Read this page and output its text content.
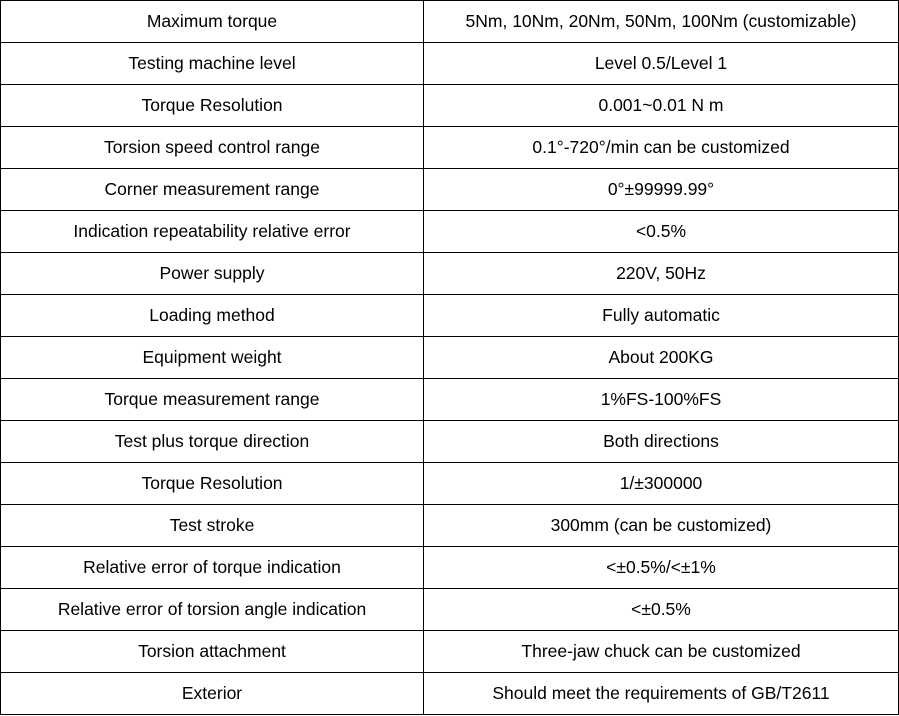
Maximum torque	5Nm, 10Nm, 20Nm, 50Nm, 100Nm (customizable)
Testing machine level	Level 0.5/Level 1
Torque Resolution	0.001~0.01 N m
Torsion speed control range	0.1°-720°/min can be customized
Corner measurement range	0°±99999.99°
Indication repeatability relative error	<0.5%
Power supply	220V, 50Hz
Loading method	Fully automatic
Equipment weight	About 200KG
Torque measurement range	1%FS-100%FS
Test plus torque direction	Both directions
Torque Resolution	1/±300000
Test stroke	300mm (can be customized)
Relative error of torque indication	<±0.5%/<±1%
Relative error of torsion angle indication	<±0.5%
Torsion attachment	Three-jaw chuck can be customized
Exterior	Should meet the requirements of GB/T2611
